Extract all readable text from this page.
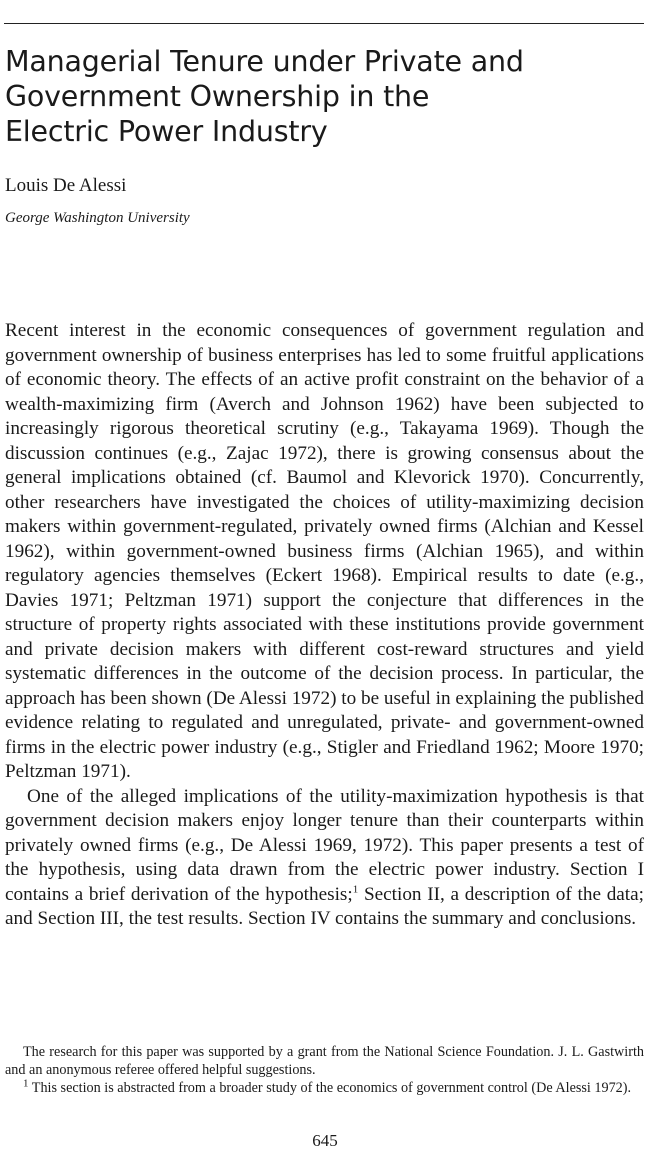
Managerial Tenure under Private and
Government Ownership in the
Electric Power Industry
Louis De Alessi
George Washington University

Recent interest in the economic consequences of government regulation and government ownership of business enterprises has led to some fruitful applications of economic theory. The effects of an active profit constraint on the behavior of a wealth-maximizing firm (Averch and Johnson 1962) have been subjected to increasingly rigorous theoretical scrutiny (e.g., Takayama 1969). Though the discussion continues (e.g., Zajac 1972), there is growing consensus about the general implications obtained (cf. Baumol and Klevorick 1970). Concurrently, other researchers have investigated the choices of utility-maximizing decision makers within government-regulated, privately owned firms (Alchian and Kessel 1962), within government-owned business firms (Alchian 1965), and within regulatory agencies themselves (Eckert 1968). Empirical results to date (e.g., Davies 1971; Peltzman 1971) support the conjecture that differences in the structure of property rights associated with these institutions provide government and private decision makers with different cost-reward structures and yield systematic differences in the outcome of the decision process. In particular, the approach has been shown (De Alessi 1972) to be useful in explaining the published evidence relating to regulated and unregulated, private- and government-owned firms in the electric power industry (e.g., Stigler and Friedland 1962; Moore 1970; Peltzman 1971).

One of the alleged implications of the utility-maximization hypothesis is that government decision makers enjoy longer tenure than their counterparts within privately owned firms (e.g., De Alessi 1969, 1972). This paper presents a test of the hypothesis, using data drawn from the electric power industry. Section I contains a brief derivation of the hypothesis;$^1$ Section II, a description of the data; and Section III, the test results. Section IV contains the summary and conclusions.

The research for this paper was supported by a grant from the National Science Foundation. J. L. Gastwirth and an anonymous referee offered helpful suggestions.

$^1$ This section is abstracted from a broader study of the economics of government control (De Alessi 1972).

645
